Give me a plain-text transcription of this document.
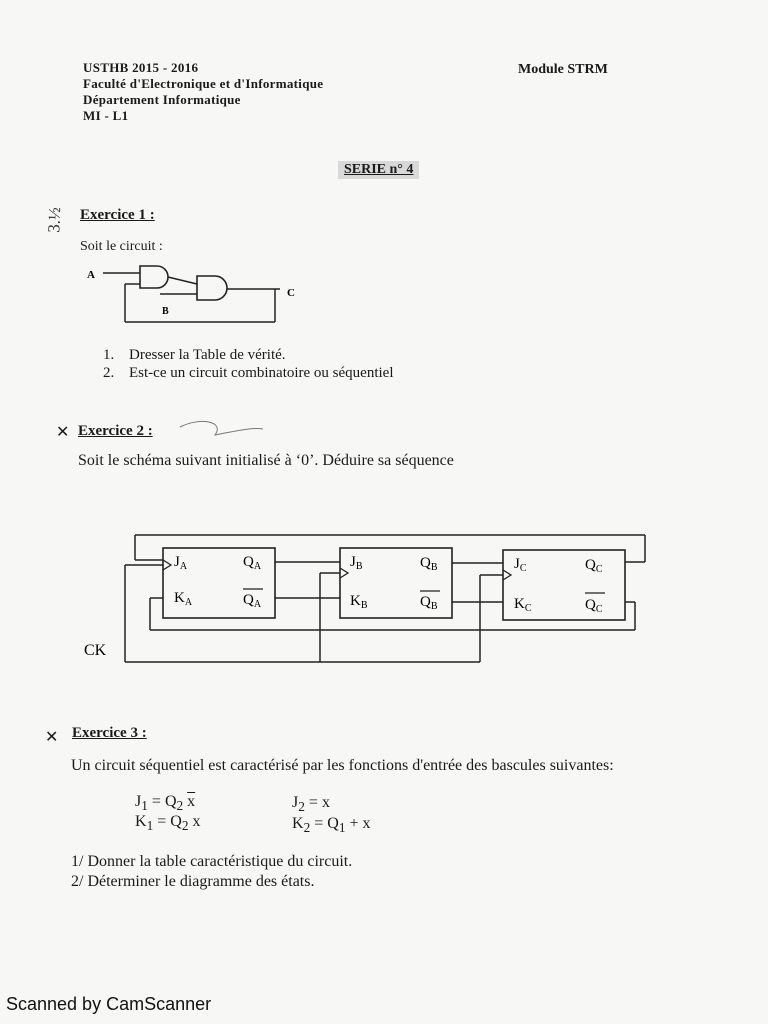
USTHB 2015 - 2016
Faculté d'Electronique et d'Informatique
Département Informatique
MI - L1
Module STRM
SERIE n° 4
3.½ Exercice 1 :
Soit le circuit :
A
B
C
1. Dresser la Table de vérité.
2. Est-ce un circuit combinatoire ou séquentiel
✕ Exercice 2 :
Soit le schéma suivant initialisé à ‘0’. Déduire sa séquence
$J_A$
$K_A$
$Q_A$
$Q_A$
$J_B$
$K_B$
$Q_B$
$Q_B$
$J_C$
$K_C$
$Q_C$
$Q_C$
CK
✕ Exercice 3 :
Un circuit séquentiel est caractérisé par les fonctions d'entrée des bascules suivantes:
$J_1 = Q_2$ $\overline{x}$
$K_1 = Q_2$ x
$J_2 = x$
$K_2 = Q_1 + x$
1/ Donner la table caractéristique du circuit.
2/ Déterminer le diagramme des états.
Scanned by CamScanner
